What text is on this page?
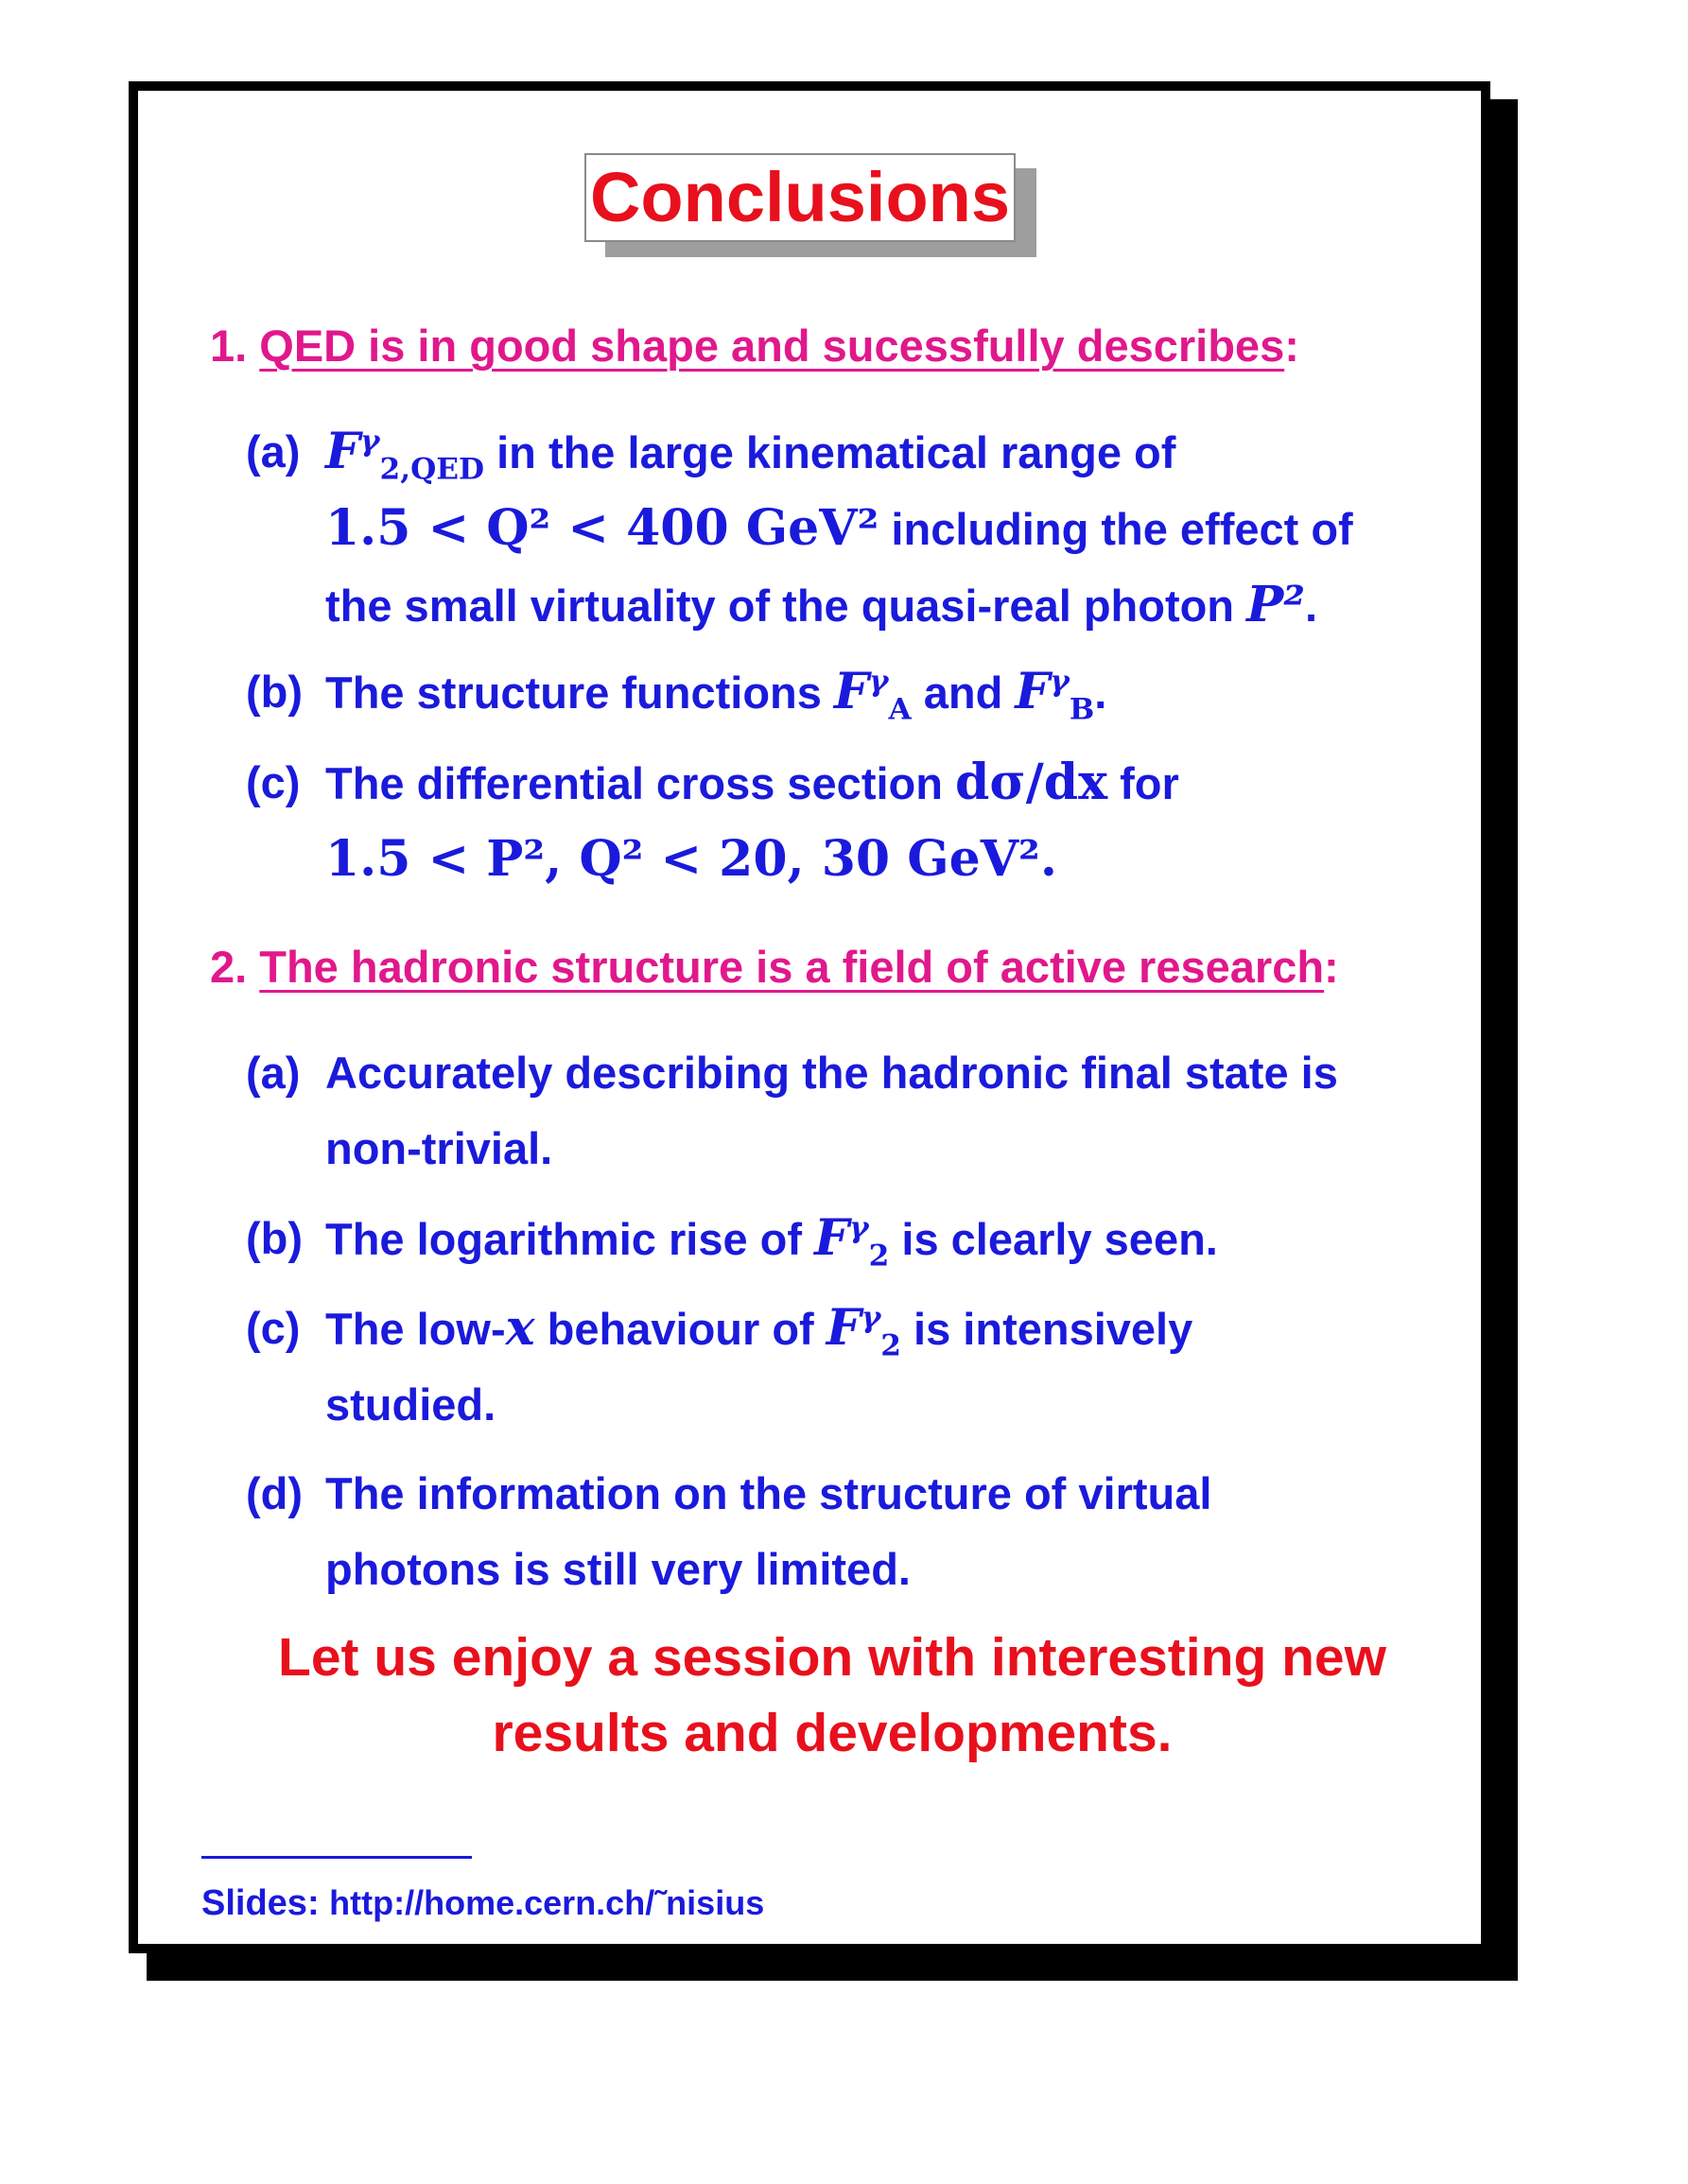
Conclusions
1. QED is in good shape and sucessfully describes:
(a) $F^\gamma_{2,QED}$ in the large kinematical range of
1.5 < Q² < 400 GeV² including the effect of
the small virtuality of the quasi-real photon P².
(b) The structure functions $F^\gamma_A$ and $F^\gamma_B$.
(c) The differential cross section dσ/dx for
1.5 < P², Q² < 20, 30 GeV².
2. The hadronic structure is a field of active research:
(a) Accurately describing the hadronic final state is
non-trivial.
(b) The logarithmic rise of $F^\gamma_2$ is clearly seen.
(c) The low-x behaviour of $F^\gamma_2$ is intensively
studied.
(d) The information on the structure of virtual
photons is still very limited.
Let us enjoy a session with interesting new
results and developments.
Slides: http://home.cern.ch/˜nisius
